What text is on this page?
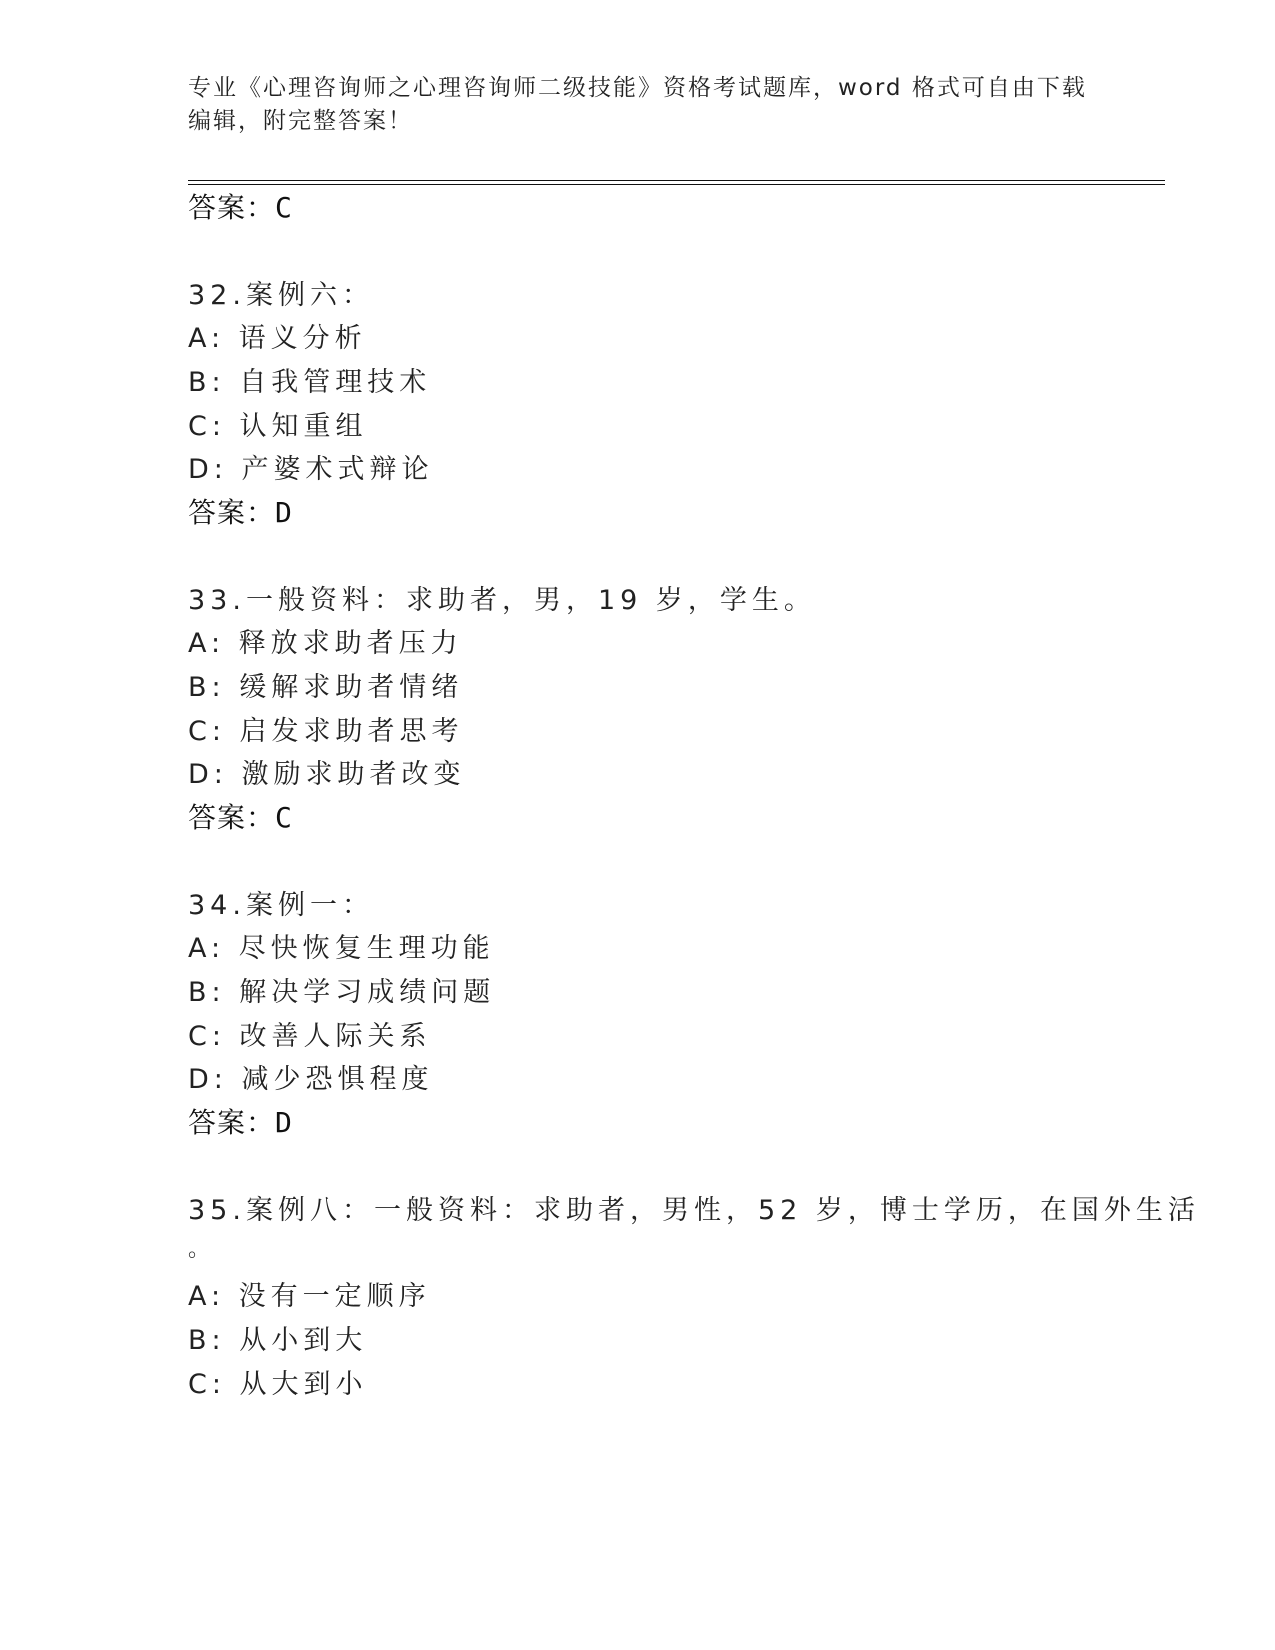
专业《心理咨询师之心理咨询师二级技能》资格考试题库，word 格式可自由下载
编辑，附完整答案！
答案：C
32.案例六：
A: 语义分析
B: 自我管理技术
C: 认知重组
D: 产婆术式辩论
答案：D
33.一般资料：求助者，男，19 岁，学生。
A: 释放求助者压力
B: 缓解求助者情绪
C: 启发求助者思考
D: 激励求助者改变
答案：C
34.案例一：
A: 尽快恢复生理功能
B: 解决学习成绩问题
C: 改善人际关系
D: 减少恐惧程度
答案：D
35.案例八：一般资料：求助者，男性，52 岁，博士学历，在国外生活
。
A: 没有一定顺序
B: 从小到大
C: 从大到小
